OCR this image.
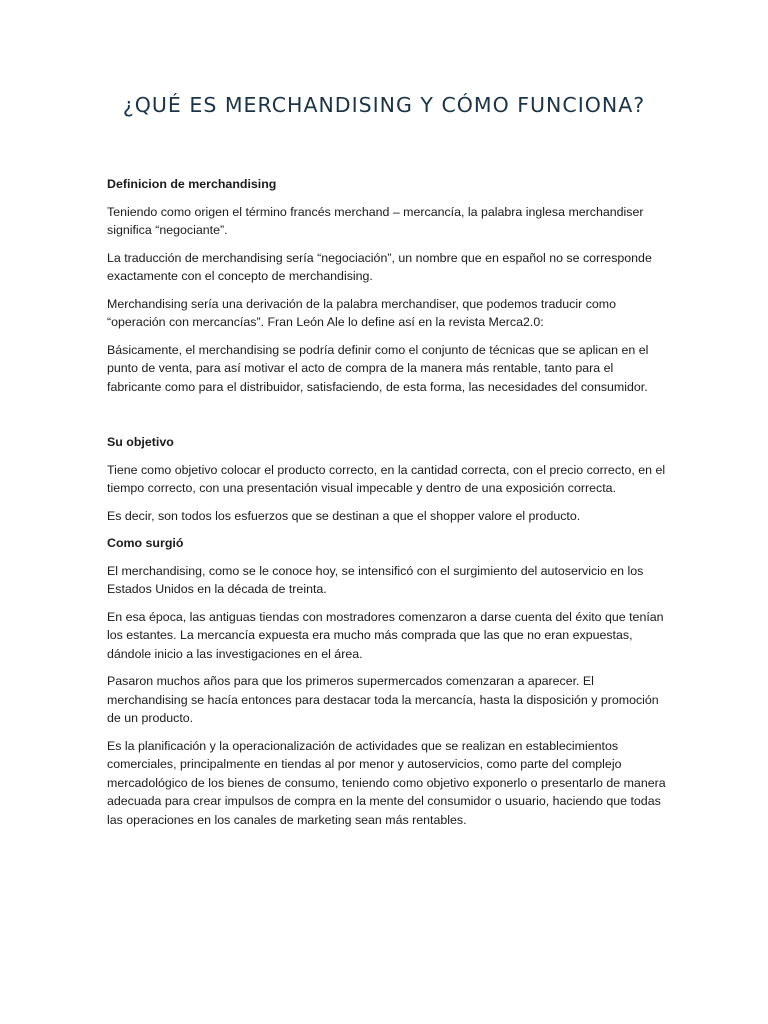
¿QUÉ ES MERCHANDISING Y CÓMO FUNCIONA?

Definicion de merchandising

Teniendo como origen el término francés merchand – mercancía, la palabra inglesa merchandiser significa “negociante”.

La traducción de merchandising sería “negociación”, un nombre que en español no se corresponde exactamente con el concepto de merchandising.

Merchandising sería una derivación de la palabra merchandiser, que podemos traducir como “operación con mercancías”. Fran León Ale lo define así en la revista Merca2.0:

Básicamente, el merchandising se podría definir como el conjunto de técnicas que se aplican en el punto de venta, para así motivar el acto de compra de la manera más rentable, tanto para el fabricante como para el distribuidor, satisfaciendo, de esta forma, las necesidades del consumidor.

Su objetivo

Tiene como objetivo colocar el producto correcto, en la cantidad correcta, con el precio correcto, en el tiempo correcto, con una presentación visual impecable y dentro de una exposición correcta.

Es decir, son todos los esfuerzos que se destinan a que el shopper valore el producto.

Como surgió

El merchandising, como se le conoce hoy, se intensificó con el surgimiento del autoservicio en los Estados Unidos en la década de treinta.

En esa época, las antiguas tiendas con mostradores comenzaron a darse cuenta del éxito que tenían los estantes. La mercancía expuesta era mucho más comprada que las que no eran expuestas, dándole inicio a las investigaciones en el área.

Pasaron muchos años para que los primeros supermercados comenzaran a aparecer. El merchandising se hacía entonces para destacar toda la mercancía, hasta la disposición y promoción de un producto.

Es la planificación y la operacionalización de actividades que se realizan en establecimientos comerciales, principalmente en tiendas al por menor y autoservicios, como parte del complejo mercadológico de los bienes de consumo, teniendo como objetivo exponerlo o presentarlo de manera adecuada para crear impulsos de compra en la mente del consumidor o usuario, haciendo que todas las operaciones en los canales de marketing sean más rentables.
